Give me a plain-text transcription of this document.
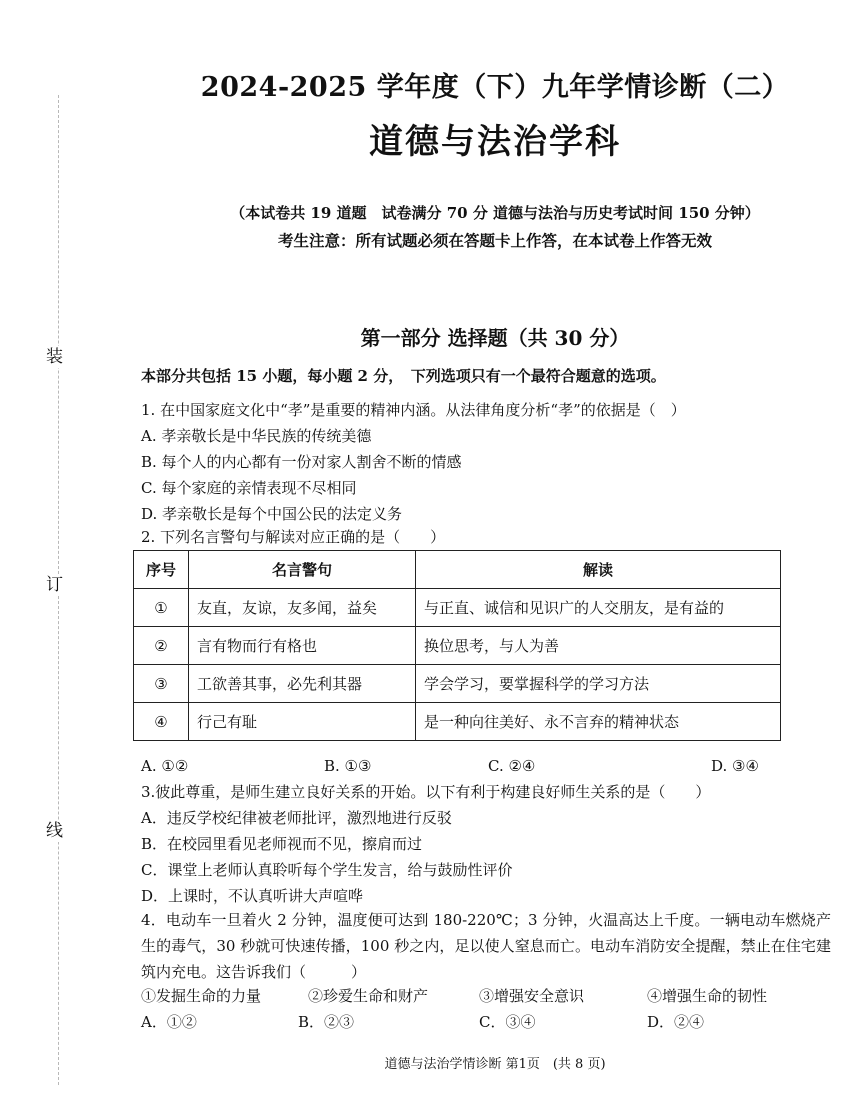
装
订
线
2024-2025 学年度（下）九年学情诊断（二）
道德与法治学科
（本试卷共 19 道题　试卷满分 70 分 道德与法治与历史考试时间 150 分钟）
考生注意：所有试题必须在答题卡上作答，在本试卷上作答无效
第一部分 选择题（共 30 分）
本部分共包括 15 小题，每小题 2 分，　下列选项只有一个最符合题意的选项。
1. 在中国家庭文化中“孝”是重要的精神内涵。从法律角度分析“孝”的依据是（　）
A. 孝亲敬长是中华民族的传统美德
B. 每个人的内心都有一份对家人割舍不断的情感
C. 每个家庭的亲情表现不尽相同
D. 孝亲敬长是每个中国公民的法定义务
2. 下列名言警句与解读对应正确的是（　　）
序号	名言警句	解读
①	友直，友谅，友多闻，益矣	与正直、诚信和见识广的人交朋友，是有益的
②	言有物而行有格也	换位思考，与人为善
③	工欲善其事，必先利其器	学会学习，要掌握科学的学习方法
④	行己有耻	是一种向往美好、永不言弃的精神状态
A. ①②	B. ①③	C. ②④	D. ③④
3.彼此尊重，是师生建立良好关系的开始。以下有利于构建良好师生关系的是（　　）
A．违反学校纪律被老师批评，激烈地进行反驳
B．在校园里看见老师视而不见，擦肩而过
C．课堂上老师认真聆听每个学生发言，给与鼓励性评价
D．上课时，不认真听讲大声喧哗
4．电动车一旦着火 2 分钟，温度便可达到 180-220℃；3 分钟，火温高达上千度。一辆电动车燃烧产生的毒气，30 秒就可快速传播，100 秒之内，足以使人窒息而亡。电动车消防安全提醒，禁止在住宅建筑内充电。这告诉我们（　　　）
①发掘生命的力量	②珍爱生命和财产	③增强安全意识	④增强生命的韧性
A．①②	B．②③	C．③④	D．②④
道德与法治学情诊断 第1页　(共 8 页)
